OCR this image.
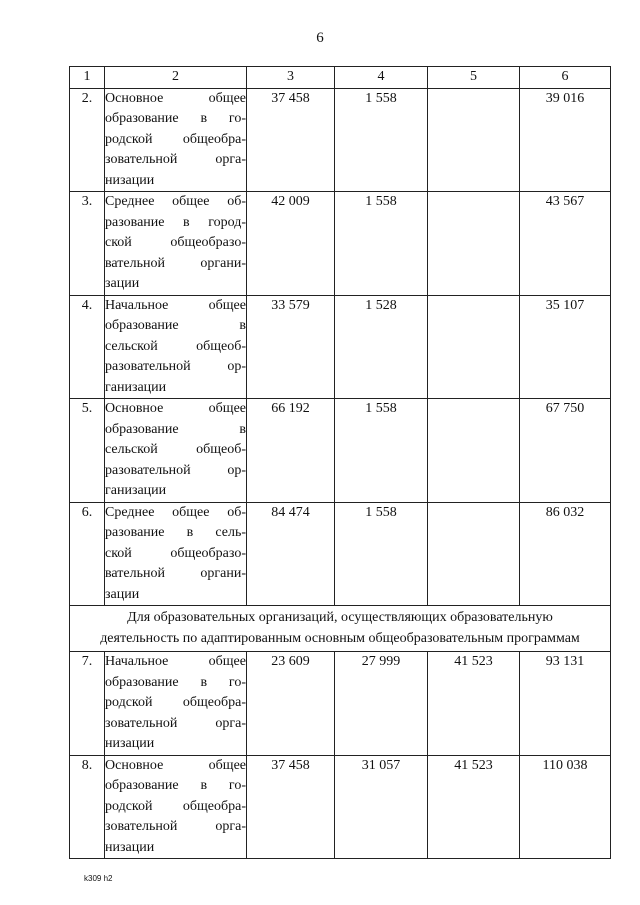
6
1	2	3	4	5	6
2.	Основное общее
образование в го-
родской общеобра-
зовательной орга-
низации	37 458	1 558		39 016
3.	Среднее общее об-
разование в город-
ской общеобразо-
вательной органи-
зации	42 009	1 558		43 567
4.	Начальное общее
образование в
сельской общеоб-
разовательной ор-
ганизации	33 579	1 528		35 107
5.	Основное общее
образование в
сельской общеоб-
разовательной ор-
ганизации	66 192	1 558		67 750
6.	Среднее общее об-
разование в сель-
ской общеобразо-
вательной органи-
зации	84 474	1 558		86 032

Для образовательных организаций, осуществляющих образовательную
деятельность по адаптированным основным общеобразовательным программам					

7.	Начальное общее
образование в го-
родской общеобра-
зовательной орга-
низации	23 609	27 999	41 523	93 131
8.	Основное общее
образование в го-
родской общеобра-
зовательной орга-
низации	37 458	31 057	41 523	110 038
k309 h2
